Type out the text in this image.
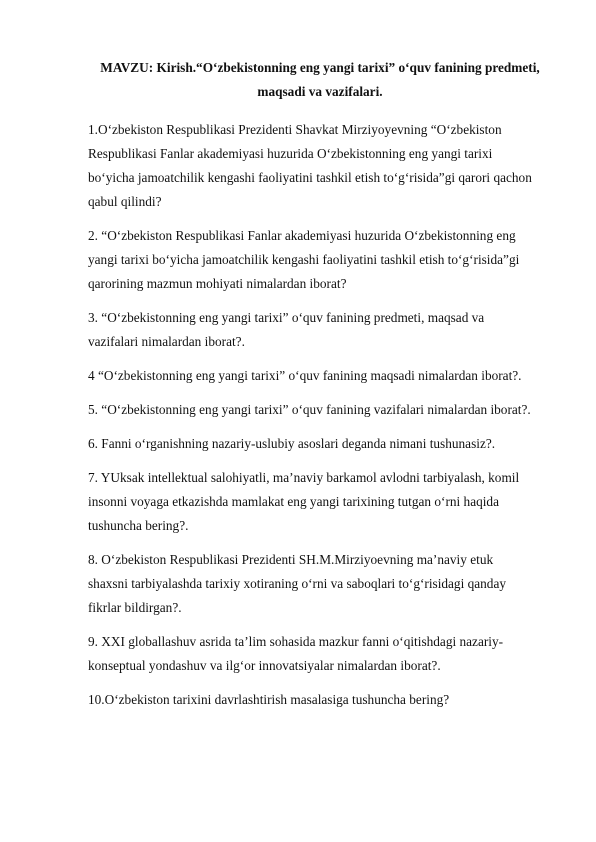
MAVZU: Kirish.“O‘zbekistonning eng yangi tarixi” o‘quv fanining predmeti,
maqsadi va vazifalari.
1.O‘zbekiston Respublikasi Prezidenti Shavkat Mirziyoyevning “O‘zbekiston
Respublikasi Fanlar akademiyasi huzurida O‘zbekistonning eng yangi tarixi
bo‘yicha jamoatchilik kengashi faoliyatini tashkil etish to‘g‘risida”gi qarori qachon
qabul qilindi?
2. “O‘zbekiston Respublikasi Fanlar akademiyasi huzurida O‘zbekistonning eng
yangi tarixi bo‘yicha jamoatchilik kengashi faoliyatini tashkil etish to‘g‘risida”gi
qarorining mazmun mohiyati nimalardan iborat?
3. “O‘zbekistonning eng yangi tarixi” o‘quv fanining predmeti, maqsad va
vazifalari nimalardan iborat?.
4 “O‘zbekistonning eng yangi tarixi” o‘quv fanining maqsadi nimalardan iborat?.
5. “O‘zbekistonning eng yangi tarixi” o‘quv fanining vazifalari nimalardan iborat?.
6. Fanni o‘rganishning nazariy-uslubiy asoslari deganda nimani tushunasiz?.
7. YUksak intellektual salohiyatli, ma’naviy barkamol avlodni tarbiyalash, komil
insonni voyaga etkazishda mamlakat eng yangi tarixining tutgan o‘rni haqida
tushuncha bering?.
8. O‘zbekiston Respublikasi Prezidenti SH.M.Mirziyoevning ma’naviy etuk
shaxsni tarbiyalashda tarixiy xotiraning o‘rni va saboqlari to‘g‘risidagi qanday
fikrlar bildirgan?.
9. XXI globallashuv asrida ta’lim sohasida mazkur fanni o‘qitishdagi nazariy-
konseptual yondashuv va ilg‘or innovatsiyalar nimalardan iborat?.
10.O‘zbekiston tarixini davrlashtirish masalasiga tushuncha bering?
